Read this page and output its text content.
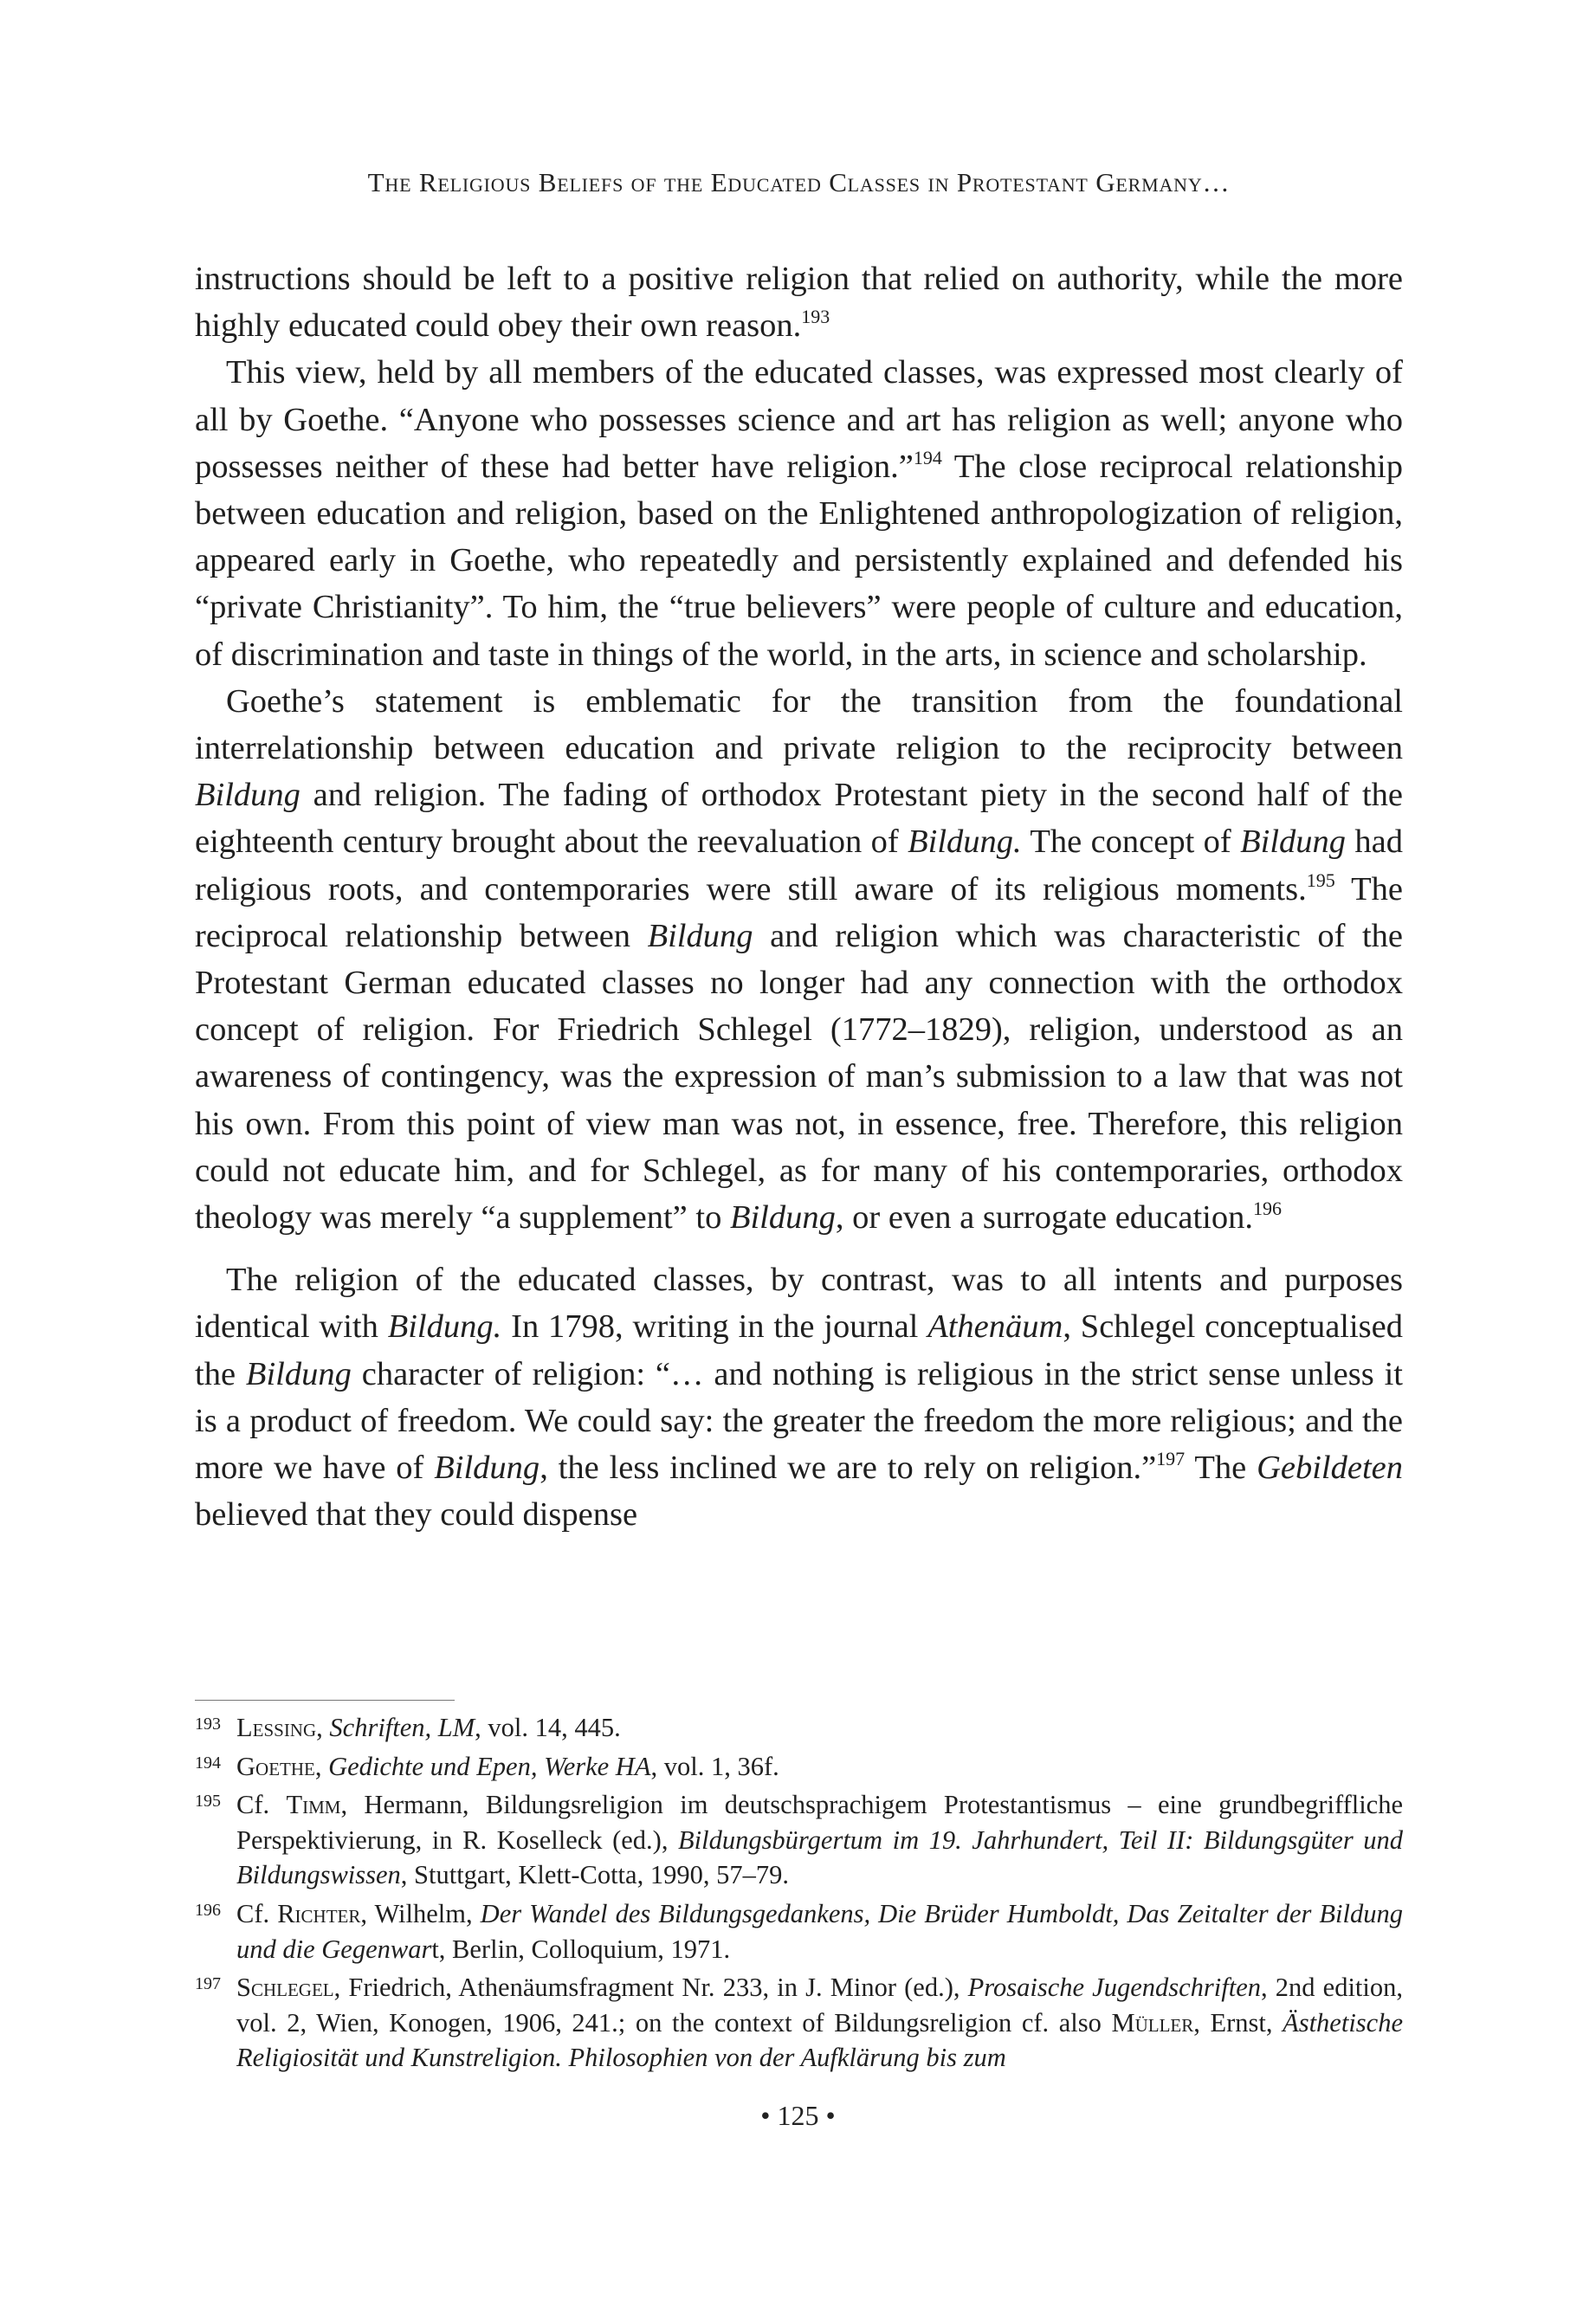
The Religious Beliefs of the Educated Classes in Protestant Germany…

instructions should be left to a positive religion that relied on authority, while the more highly educated could obey their own reason.$^{193}$

This view, held by all members of the educated classes, was expressed most clearly of all by Goethe. “Anyone who possesses science and art has religion as well; anyone who possesses neither of these had better have religion.”$^{194}$ The close reciprocal relationship between education and religion, based on the Enlightened anthropologization of religion, appeared early in Goethe, who repeatedly and persistently explained and defended his “private Christianity”. To him, the “true believers” were people of culture and education, of discrimination and taste in things of the world, in the arts, in science and scholarship.

Goethe’s statement is emblematic for the transition from the foundational interrelationship between education and private religion to the reciprocity between Bildung and religion. The fading of orthodox Protestant piety in the second half of the eighteenth century brought about the reevaluation of Bildung. The concept of Bildung had religious roots, and contemporaries were still aware of its religious moments.$^{195}$ The reciprocal relationship between Bildung and religion which was characteristic of the Protestant German educated classes no longer had any connection with the orthodox concept of religion. For Friedrich Schlegel (1772–1829), religion, understood as an awareness of contingency, was the expression of man’s submission to a law that was not his own. From this point of view man was not, in essence, free. Therefore, this religion could not educate him, and for Schlegel, as for many of his contemporaries, orthodox theology was merely “a supplement” to Bildung, or even a surrogate education.$^{196}$

The religion of the educated classes, by contrast, was to all intents and purposes identical with Bildung. In 1798, writing in the journal Athenäum, Schlegel conceptualised the Bildung character of religion: “… and nothing is religious in the strict sense unless it is a product of freedom. We could say: the greater the freedom the more religious; and the more we have of Bildung, the less inclined we are to rely on religion.”$^{197}$ The Gebildeten believed that they could dispense

193 Lessing, Schriften, LM, vol. 14, 445.
194 Goethe, Gedichte und Epen, Werke HA, vol. 1, 36f.
195 Cf. Timm, Hermann, Bildungsreligion im deutschsprachigem Protestantismus – eine grundbegriffliche Perspektivierung, in R. Koselleck (ed.), Bildungsbürgertum im 19. Jahrhundert, Teil II: Bildungsgüter und Bildungswissen, Stuttgart, Klett-Cotta, 1990, 57–79.
196 Cf. Richter, Wilhelm, Der Wandel des Bildungsgedankens, Die Brüder Humboldt, Das Zeitalter der Bildung und die Gegenwart, Berlin, Colloquium, 1971.
197 Schlegel, Friedrich, Athenäumsfragment Nr. 233, in J. Minor (ed.), Prosaische Jugendschriften, 2nd edition, vol. 2, Wien, Konogen, 1906, 241.; on the context of Bildungsreligion cf. also Müller, Ernst, Ästhetische Religiosität und Kunstreligion. Philosophien von der Aufklärung bis zum
• 125 •
